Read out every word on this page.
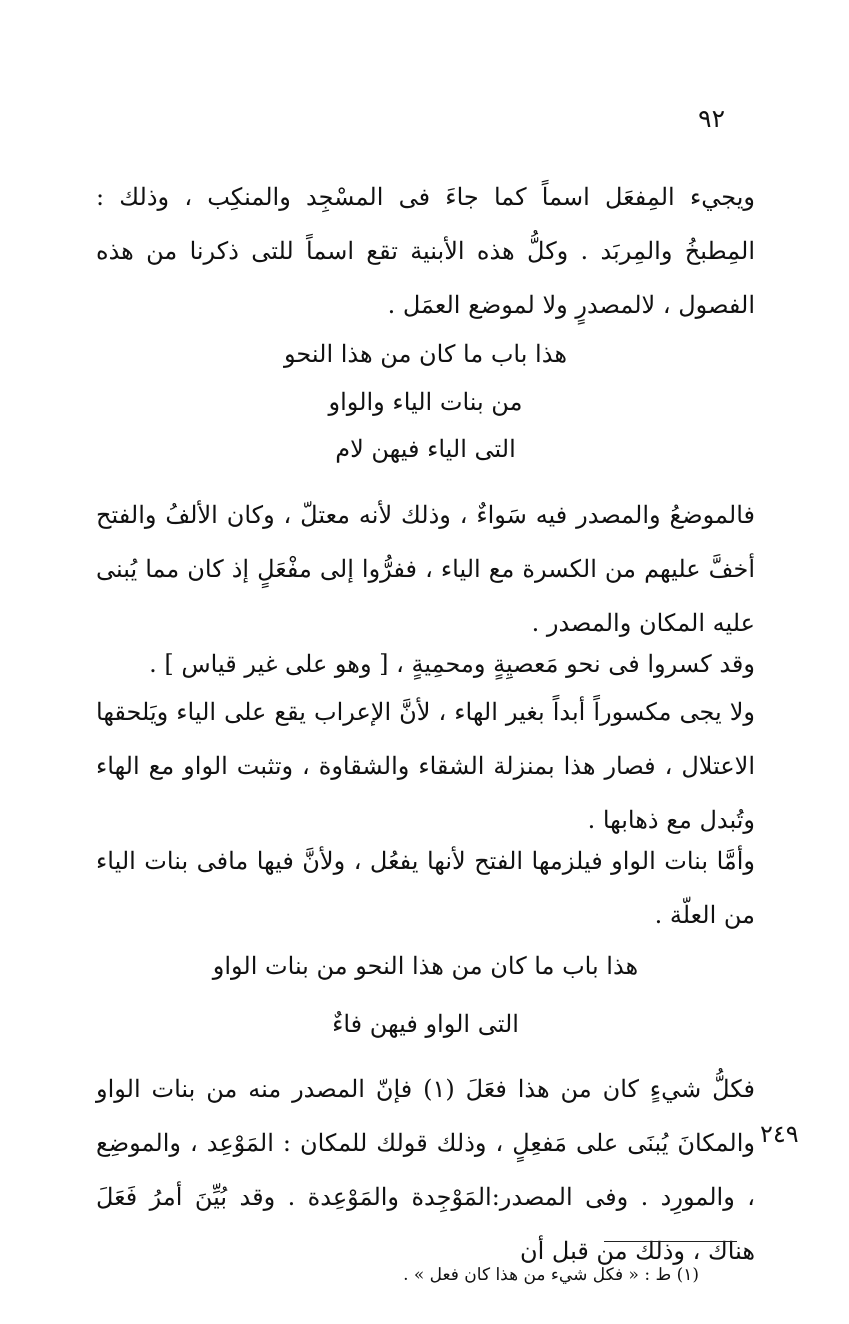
٩٢
ويجيء المِفعَل اسماً كما جاءَ فى المسْجِد والمنكِب ، وذلك : المِطبخُ والمِربَد . وكلُّ هذه الأبنية تقع اسماً للتى ذكرنا من هذه الفصول ، لالمصدرٍ ولا لموضع العمَل .
هذا باب ما كان من هذا النحو
من بنات الياء والواو
التى الياء فيهن لام
فالموضعُ والمصدر فيه سَواءٌ ، وذلك لأنه معتلّ ، وكان الألفُ والفتح أخفَّ عليهم من الكسرة مع الياء ، ففرُّوا إلى مفْعَلٍ إذ كان مما يُبنى عليه المكان والمصدر .
وقد كسروا فى نحو مَعصيِةٍ ومحمِيةٍ ، [ وهو على غير قياس ] .
ولا يجى مكسوراً أبداً بغير الهاء ، لأنَّ الإعراب يقع على الياء ويَلحقها الاعتلال ، فصار هذا بمنزلة الشقاء والشقاوة ، وتثبت الواو مع الهاء وتُبدل مع ذهابها .
وأمَّا بنات الواو فيلزمها الفتح لأنها يفعُل ، ولأنَّ فيها مافى بنات الياء من العلّة .
هذا باب ما كان من هذا النحو من بنات الواو
التى الواو فيهن فاءٌ
فكلُّ شيءٍ كان من هذا فعَلَ (١) فإنّ المصدر منه من بنات الواو والمكانَ يُبنَى على مَفعِلٍ ، وذلك قولك للمكان : المَوْعِد ، والموضِع ، والمورِد . وفى المصدر:المَوْجِدة والمَوْعِدة . وقد بُيِّنَ أمرُ فَعَلَ هناك ، وذلك من قبل أن
٢٤٩
(١) ط : « فكل شيء من هذا كان فعل » .
